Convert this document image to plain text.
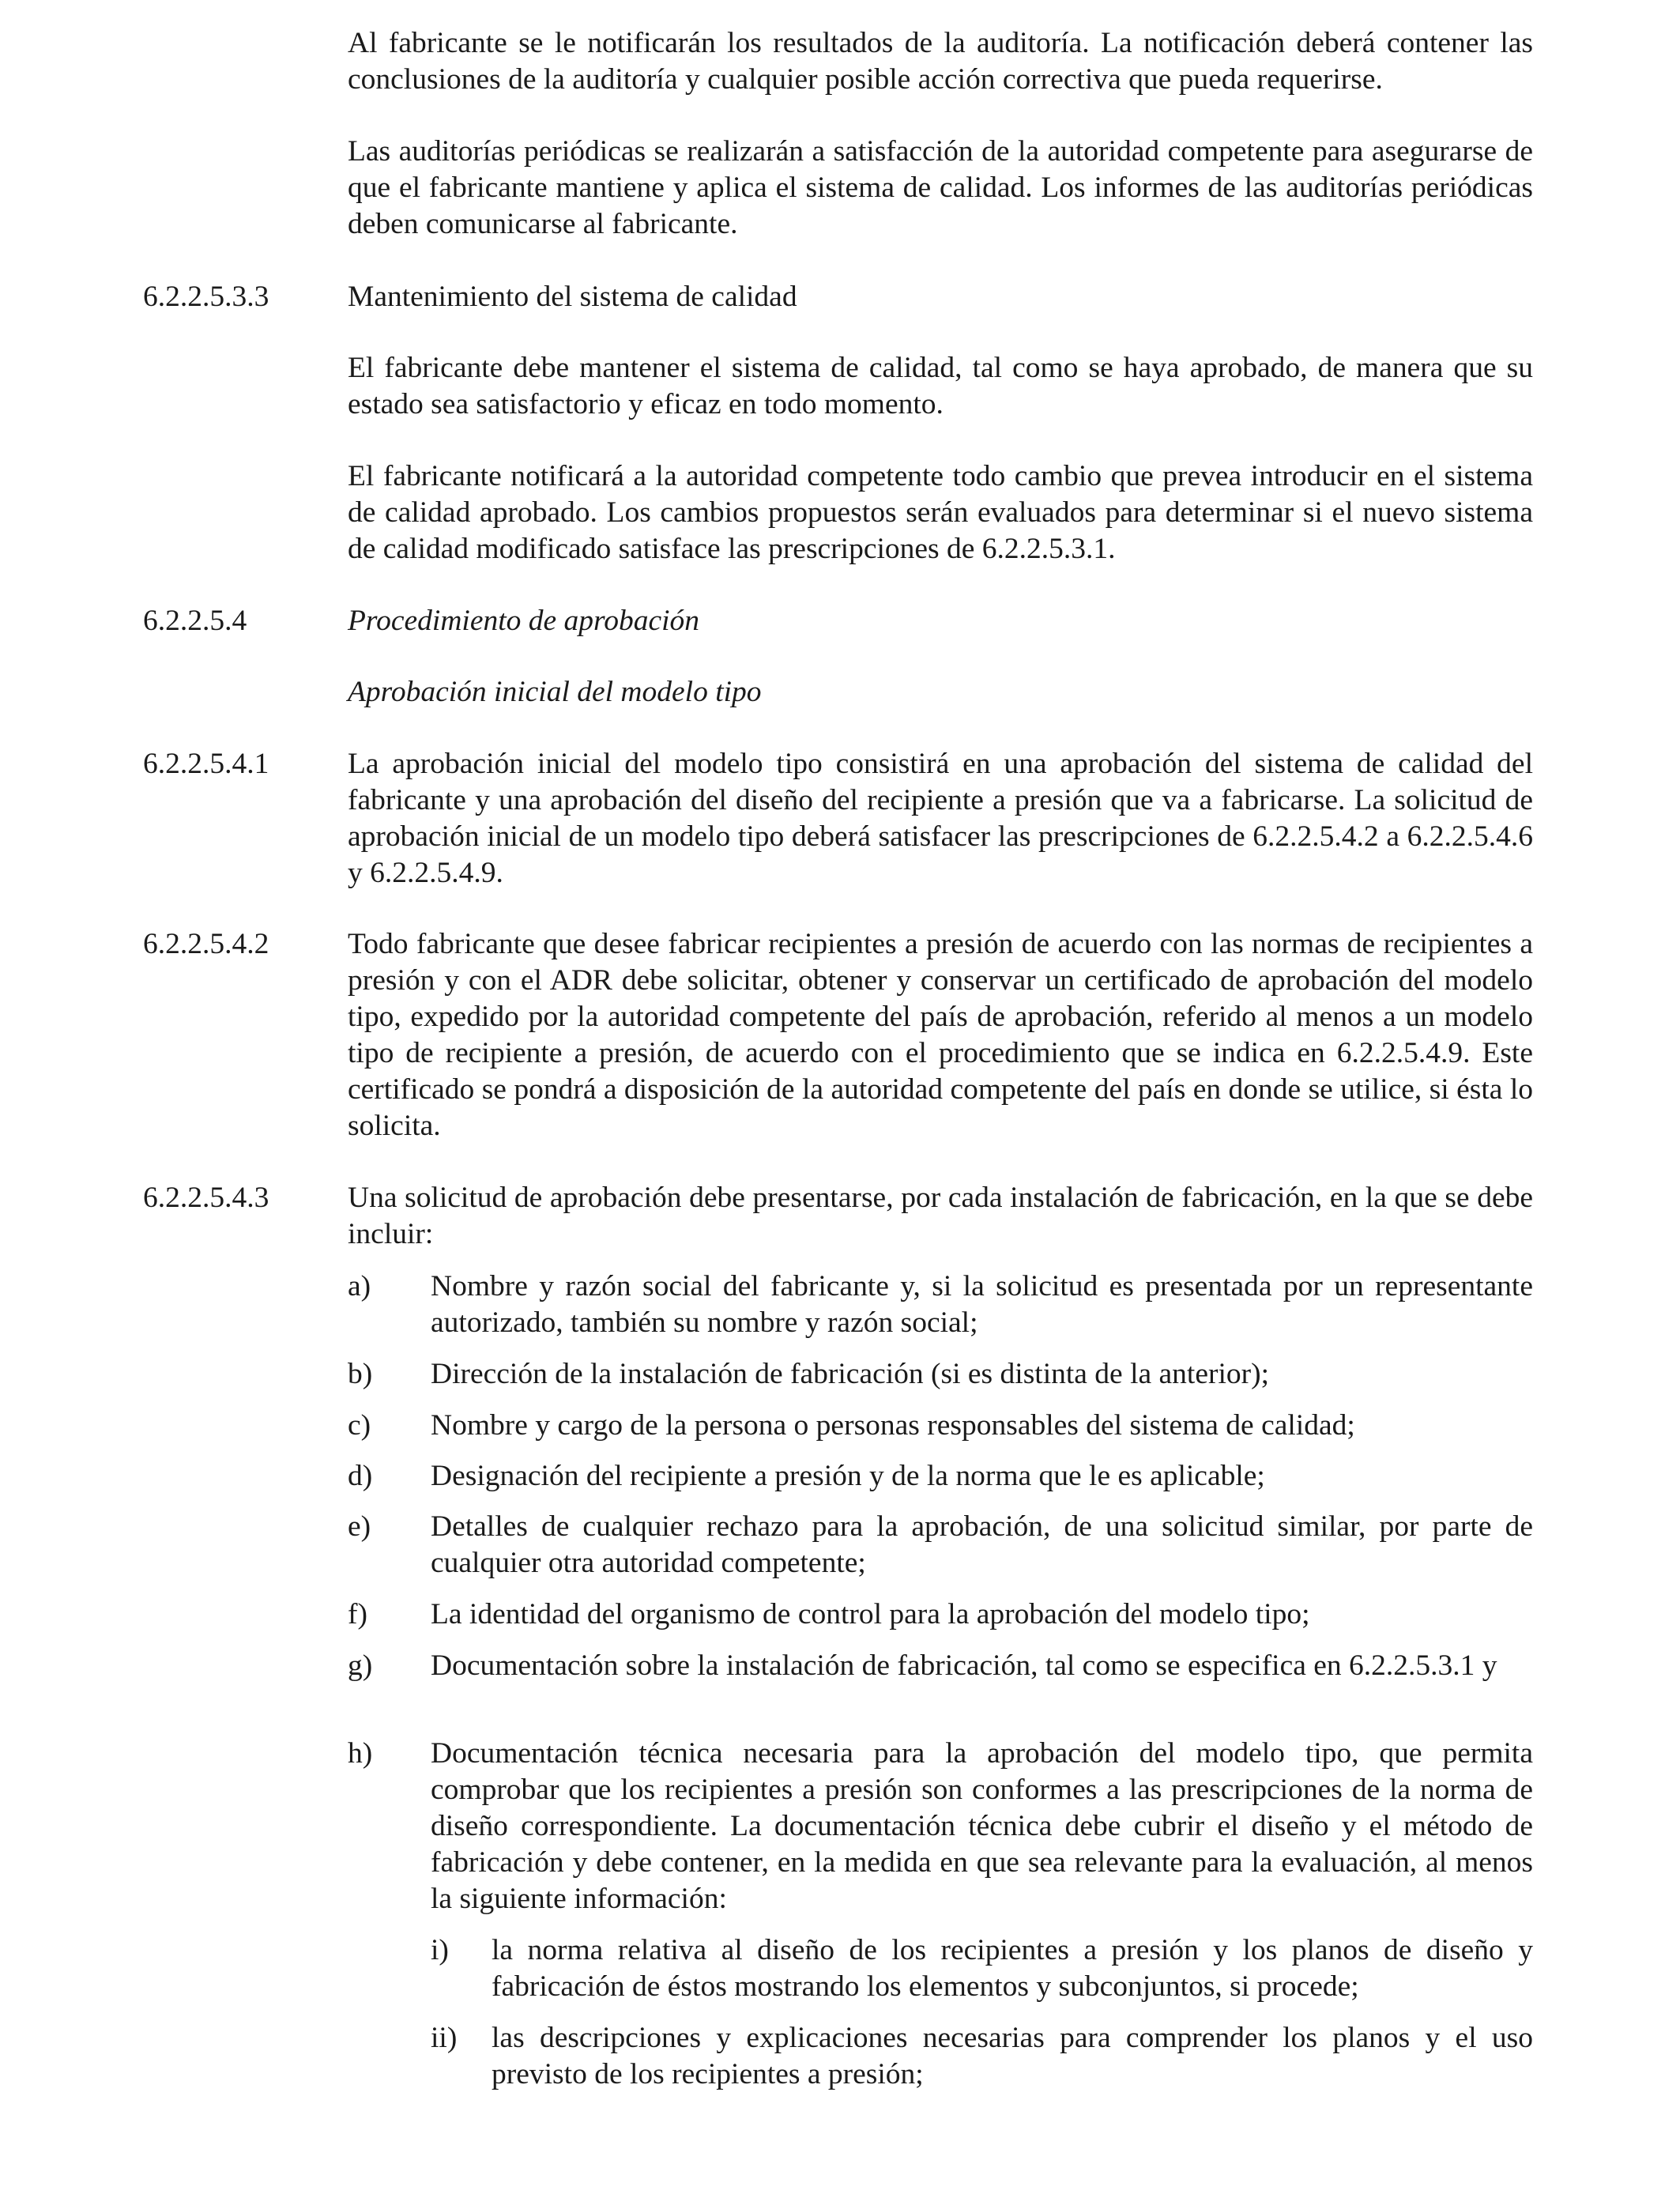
Al fabricante se le notificarán los resultados de la auditoría. La notificación deberá contener las conclusiones de la auditoría y cualquier posible acción correctiva que pueda requerirse.

Las auditorías periódicas se realizarán a satisfacción de la autoridad competente para asegurarse de que el fabricante mantiene y aplica el sistema de calidad. Los informes de las auditorías periódicas deben comunicarse al fabricante.

6.2.2.5.3.3	Mantenimiento del sistema de calidad

El fabricante debe mantener el sistema de calidad, tal como se haya aprobado, de manera que su estado sea satisfactorio y eficaz en todo momento.

El fabricante notificará a la autoridad competente todo cambio que prevea introducir en el sistema de calidad aprobado. Los cambios propuestos serán evaluados para determinar si el nuevo sistema de calidad modificado satisface las prescripciones de 6.2.2.5.3.1.

6.2.2.5.4	Procedimiento de aprobación
Aprobación inicial del modelo tipo
6.2.2.5.4.1	La aprobación inicial del modelo tipo consistirá en una aprobación del sistema de calidad del fabricante y una aprobación del diseño del recipiente a presión que va a fabricarse. La solicitud de aprobación inicial de un modelo tipo deberá satisfacer las prescripciones de 6.2.2.5.4.2 a 6.2.2.5.4.6 y 6.2.2.5.4.9.

6.2.2.5.4.2	Todo fabricante que desee fabricar recipientes a presión de acuerdo con las normas de recipientes a presión y con el ADR debe solicitar, obtener y conservar un certificado de aprobación del modelo tipo, expedido por la autoridad competente del país de aprobación, referido al menos a un modelo tipo de recipiente a presión, de acuerdo con el procedimiento que se indica en 6.2.2.5.4.9. Este certificado se pondrá a disposición de la autoridad competente del país en donde se utilice, si ésta lo solicita.

6.2.2.5.4.3	Una solicitud de aprobación debe presentarse, por cada instalación de fabricación, en la que se debe incluir:

a) Nombre y razón social del fabricante y, si la solicitud es presentada por un representante autorizado, también su nombre y razón social;

b) Dirección de la instalación de fabricación (si es distinta de la anterior);

c) Nombre y cargo de la persona o personas responsables del sistema de calidad;

d) Designación del recipiente a presión y de la norma que le es aplicable;

e) Detalles de cualquier rechazo para la aprobación, de una solicitud similar, por parte de cualquier otra autoridad competente;

f) La identidad del organismo de control para la aprobación del modelo tipo;

g) Documentación sobre la instalación de fabricación, tal como se especifica en 6.2.2.5.3.1 y

h) Documentación técnica necesaria para la aprobación del modelo tipo, que permita comprobar que los recipientes a presión son conformes a las prescripciones de la norma de diseño correspondiente. La documentación técnica debe cubrir el diseño y el método de fabricación y debe contener, en la medida en que sea relevante para la evaluación, al menos la siguiente información:

i) la norma relativa al diseño de los recipientes a presión y los planos de diseño y fabricación de éstos mostrando los elementos y subconjuntos, si procede;

ii) las descripciones y explicaciones necesarias para comprender los planos y el uso previsto de los recipientes a presión;
